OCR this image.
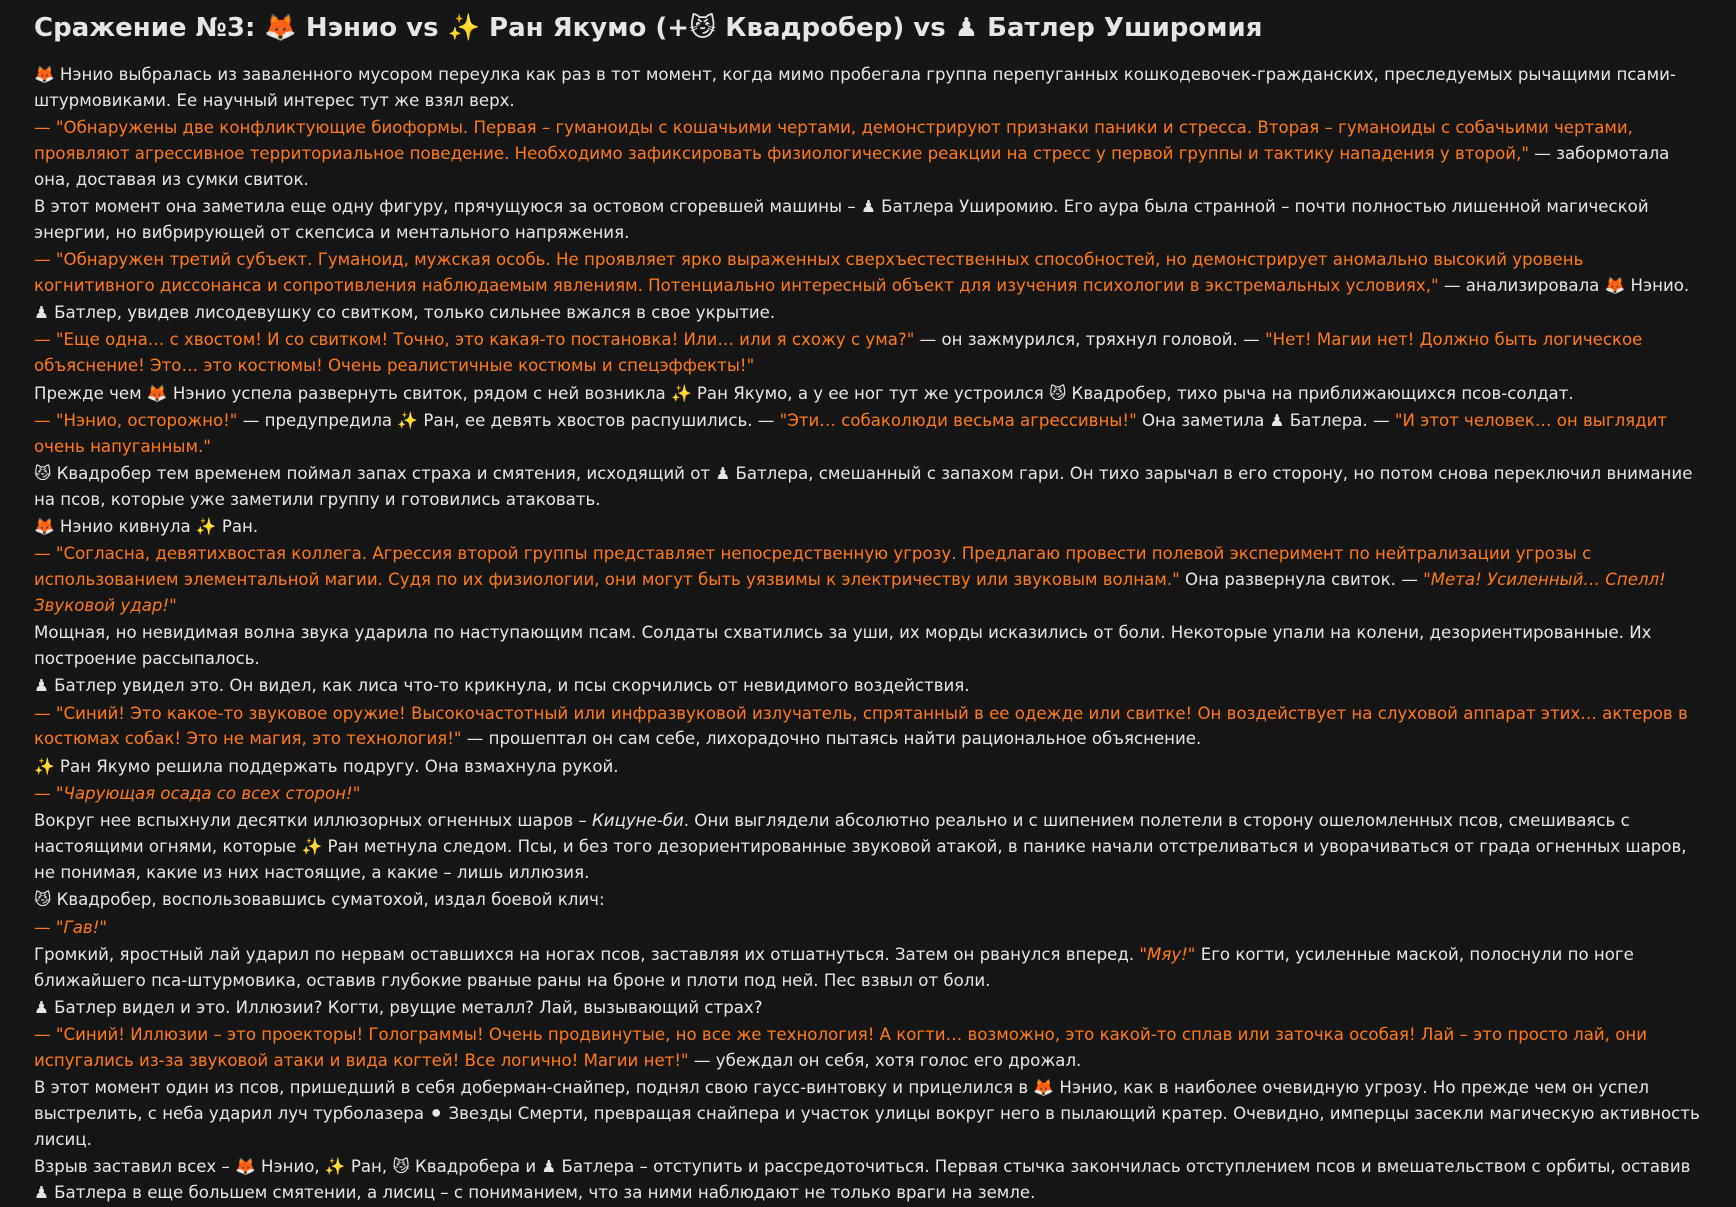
Сражение №3: 🦊 Нэнио vs ✨ Ран Якумо (+😼 Квадробер) vs ♟ Батлер Уширомия

🦊 Нэнио выбралась из заваленного мусором переулка как раз в тот момент, когда мимо пробегала группа перепуганных кошкодевочек-гражданских, преследуемых рычащими псами-штурмовиками. Ее научный интерес тут же взял верх.

— "Обнаружены две конфликтующие биоформы. Первая – гуманоиды с кошачьими чертами, демонстрируют признаки паники и стресса. Вторая – гуманоиды с собачьими чертами, проявляют агрессивное территориальное поведение. Необходимо зафиксировать физиологические реакции на стресс у первой группы и тактику нападения у второй," — забормотала она, доставая из сумки свиток.

В этот момент она заметила еще одну фигуру, прячущуюся за остовом сгоревшей машины – ♟ Батлера Уширомию. Его аура была странной – почти полностью лишенной магической энергии, но вибрирующей от скепсиса и ментального напряжения.

— "Обнаружен третий субъект. Гуманоид, мужская особь. Не проявляет ярко выраженных сверхъестественных способностей, но демонстрирует аномально высокий уровень когнитивного диссонанса и сопротивления наблюдаемым явлениям. Потенциально интересный объект для изучения психологии в экстремальных условиях," — анализировала 🦊 Нэнио.

♟ Батлер, увидев лисодевушку со свитком, только сильнее вжался в свое укрытие.

— "Еще одна… с хвостом! И со свитком! Точно, это какая-то постановка! Или… или я схожу с ума?" — он зажмурился, тряхнул головой. — "Нет! Магии нет! Должно быть логическое объяснение! Это… это костюмы! Очень реалистичные костюмы и спецэффекты!"

Прежде чем 🦊 Нэнио успела развернуть свиток, рядом с ней возникла ✨ Ран Якумо, а у ее ног тут же устроился 😼 Квадробер, тихо рыча на приближающихся псов-солдат.

— "Нэнио, осторожно!" — предупредила ✨ Ран, ее девять хвостов распушились. — "Эти… собаколюди весьма агрессивны!" Она заметила ♟ Батлера. — "И этот человек… он выглядит очень напуганным."

😼 Квадробер тем временем поймал запах страха и смятения, исходящий от ♟ Батлера, смешанный с запахом гари. Он тихо зарычал в его сторону, но потом снова переключил внимание на псов, которые уже заметили группу и готовились атаковать.

🦊 Нэнио кивнула ✨ Ран.

— "Согласна, девятихвостая коллега. Агрессия второй группы представляет непосредственную угрозу. Предлагаю провести полевой эксперимент по нейтрализации угрозы с использованием элементальной магии. Судя по их физиологии, они могут быть уязвимы к электричеству или звуковым волнам." Она развернула свиток. — "Мета! Усиленный… Спелл! Звуковой удар!"

Мощная, но невидимая волна звука ударила по наступающим псам. Солдаты схватились за уши, их морды исказились от боли. Некоторые упали на колени, дезориентированные. Их построение рассыпалось.

♟ Батлер увидел это. Он видел, как лиса что-то крикнула, и псы скорчились от невидимого воздействия.

— "Синий! Это какое-то звуковое оружие! Высокочастотный или инфразвуковой излучатель, спрятанный в ее одежде или свитке! Он воздействует на слуховой аппарат этих… актеров в костюмах собак! Это не магия, это технология!" — прошептал он сам себе, лихорадочно пытаясь найти рациональное объяснение.

✨ Ран Якумо решила поддержать подругу. Она взмахнула рукой.

— "Чарующая осада со всех сторон!"

Вокруг нее вспыхнули десятки иллюзорных огненных шаров – Кицуне-би. Они выглядели абсолютно реально и с шипением полетели в сторону ошеломленных псов, смешиваясь с настоящими огнями, которые ✨ Ран метнула следом. Псы, и без того дезориентированные звуковой атакой, в панике начали отстреливаться и уворачиваться от града огненных шаров, не понимая, какие из них настоящие, а какие – лишь иллюзия.

😼 Квадробер, воспользовавшись суматохой, издал боевой клич:

— "Гав!"

Громкий, яростный лай ударил по нервам оставшихся на ногах псов, заставляя их отшатнуться. Затем он рванулся вперед. "Мяу!" Его когти, усиленные маской, полоснули по ноге ближайшего пса-штурмовика, оставив глубокие рваные раны на броне и плоти под ней. Пес взвыл от боли.

♟ Батлер видел и это. Иллюзии? Когти, рвущие металл? Лай, вызывающий страх?

— "Синий! Иллюзии – это проекторы! Голограммы! Очень продвинутые, но все же технология! А когти… возможно, это какой-то сплав или заточка особая! Лай – это просто лай, они испугались из-за звуковой атаки и вида когтей! Все логично! Магии нет!" — убеждал он себя, хотя голос его дрожал.

В этот момент один из псов, пришедший в себя доберман-снайпер, поднял свою гаусс-винтовку и прицелился в 🦊 Нэнио, как в наиболее очевидную угрозу. Но прежде чем он успел выстрелить, с неба ударил луч турболазера ⚫ Звезды Смерти, превращая снайпера и участок улицы вокруг него в пылающий кратер. Очевидно, имперцы засекли магическую активность лисиц.

Взрыв заставил всех – 🦊 Нэнио, ✨ Ран, 😼 Квадробера и ♟ Батлера – отступить и рассредоточиться. Первая стычка закончилась отступлением псов и вмешательством с орбиты, оставив ♟ Батлера в еще большем смятении, а лисиц – с пониманием, что за ними наблюдают не только враги на земле.
